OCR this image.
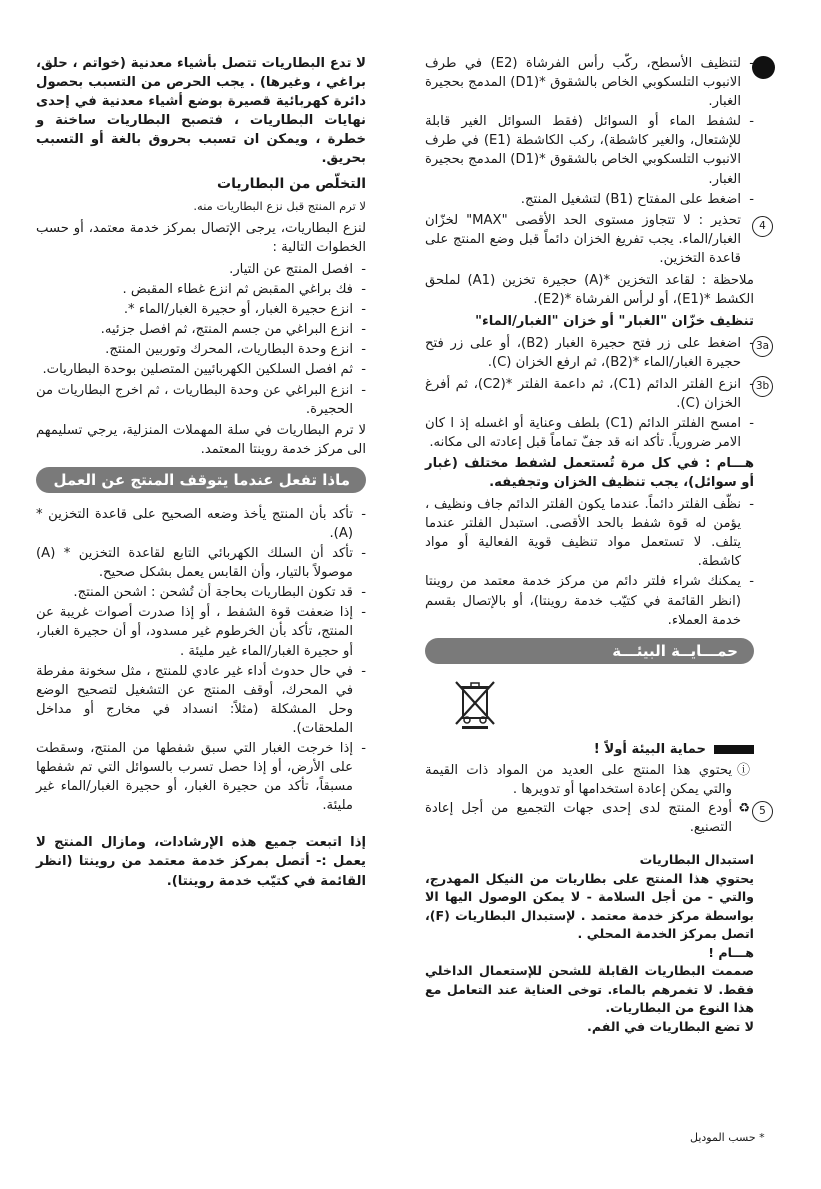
4
3a
3b
5
- لتنظيف الأسطح، ركّب رأس الفرشاة (E2) في طرف الانبوب التلسكوبي الخاص بالشقوق *(D1) المدمج بحجيرة الغبار.
- لشفط الماء أو السوائل (فقط السوائل الغير قابلة للإشتعال، والغير كاشطة)، ركب الكاشطة (E1) في طرف الانبوب التلسكوبي الخاص بالشقوق *(D1) المدمج بحجيرة الغبار.
- اضغط على المفتاح (B1) لتشغيل المنتج.

تحذير : لا تتجاوز مستوى الحد الأقصى "MAX" لخزّان الغبار/الماء. يجب تفريغ الخزان دائماً قبل وضع المنتج على قاعدة التخزين.

ملاحظة : لقاعد التخزين *(A) حجيرة تخزين (A1) لملحق الكشط *(E1)، أو لرأس الفرشاة *(E2).

تنظيف خزّان "الغبار" أو خزان "الغبار/الماء"

- اضغط على زر فتح حجيرة الغبار (B2)، أو على زر فتح حجيرة الغبار/الماء *(B2)، ثم ارفع الخزان (C).
- انزع الفلتر الدائم (C1)، ثم داعمة الفلتر *(C2)، ثم أفرغ الخزان (C).
- امسح الفلتر الدائم (C1) بلطف وعناية أو اغسله إذ ا كان الامر ضرورياً. تأكد انه قد جفّ تماماً قبل إعادته الى مكانه.

هـــام : في كل مرة تُستعمل لشفط مختلف (غبار أو سوائل)، يجب تنظيف الخزان وتجفيفه.

- نظّف الفلتر دائماً. عندما يكون الفلتر الدائم جاف ونظيف ، يؤمن له قوة شفط بالحد الأقصى. استبدل الفلتر عندما يتلف. لا تستعمل مواد تنظيف قوية الفعالية أو مواد كاشطة.
- يمكنك شراء فلتر دائم من مركز خدمة معتمد من روينتا (انظر القائمة في كتيّب خدمة روينتا)، أو بالإتصال بقسم خدمة العملاء.
حمـــايــة البيئـــة
حماية البيئة أولاً !
ⓘ
يحتوي هذا المنتج على العديد من المواد ذات القيمة والتي يمكن إعادة استخدامها أو تدويرها .
♻
أودع المنتج لدى إحدى جهات التجميع من أجل إعادة التصنيع.
استبدال البطاريات
يحتوي هذا المنتج على بطاريات من النيكل المهدرج، والتي - من أجل السلامة - لا يمكن الوصول اليها الا بواسطة مركز خدمة معتمد . لإستبدال البطاريات (F)، اتصل بمركز الخدمة المحلي .
هـــام !
صممت البطاريات القابلة للشحن للإستعمال الداخلي فقط. لا تغمرهم بالماء. توخى العناية عند التعامل مع هذا النوع من البطاريات.
لا تضع البطاريات في الفم.

لا تدع البطاريات تتصل بأشياء معدنية (خواتم ، حلق، براغي ، وغيرها) . يجب الحرص من التسبب بحصول دائرة كهربائية قصيرة بوضع أشياء معدنية في إحدى نهايات البطاريات ، فتصبح البطاريات ساخنة و خطرة ، ويمكن ان تسبب بحروق بالغة أو التسبب بحريق.

التخلّص من البطاريات

لا ترم المنتج قبل نزع البطاريات منه.

لنزع البطاريات، يرجى الإتصال بمركز خدمة معتمد، أو حسب الخطوات التالية :

- افصل المنتج عن التيار.
- فك براغي المقبض ثم انزع غطاء المقبض .
- انزع حجيرة الغبار، أو حجيرة الغبار/الماء *.
- انزع البراغي من جسم المنتج، ثم افصل جزئيه.
- انزع وحدة البطاريات، المحرك وتوربين المنتج.
- ثم افصل السلكين الكهربائيين المتصلين بوحدة البطاريات.
- انزع البراغي عن وحدة البطاريات ، ثم اخرج البطاريات من الحجيرة.

لا ترم البطاريات في سلة المهملات المنزلية، يرجي تسليمهم الى مركز خدمة روينتا المعتمد.

ماذا تفعل عندما يتوقف المنتج عن العمل
- تأكد بأن المنتج يأخذ وضعه الصحيح على قاعدة التخزين * (A).
- تأكد أن السلك الكهربائي التابع لقاعدة التخزين * (A) موصولاً بالتيار، وأن القابس يعمل بشكل صحيح.
- قد تكون البطاريات بحاجة أن تُشحن : اشحن المنتج.
- إذا ضعفت قوة الشفط ، أو إذا صدرت أصوات غريبة عن المنتج، تأكد بأن الخرطوم غير مسدود، أو أن حجيرة الغبار، أو حجيرة الغبار/الماء غير مليئة .
- في حال حدوث أداء غير عادي للمنتج ، مثل سخونة مفرطة في المحرك، أوقف المنتج عن التشغيل لتصحيح الوضع وحل المشكلة (مثلاً: انسداد في مخارج أو مداخل الملحقات).
- إذا خرجت الغبار التي سبق شفطها من المنتج، وسقطت على الأرض، أو إذا حصل تسرب بالسوائل التي تم شفطها مسبقاً، تأكد من حجيرة الغبار، أو حجيرة الغبار/الماء غير مليئة.

إذا اتبعت جميع هذه الإرشادات، ومازال المنتج لا يعمل :- أتصل بمركز خدمة معتمد من روينتا (انظر القائمة في كتيّب خدمة روينتا).

* حسب الموديل
